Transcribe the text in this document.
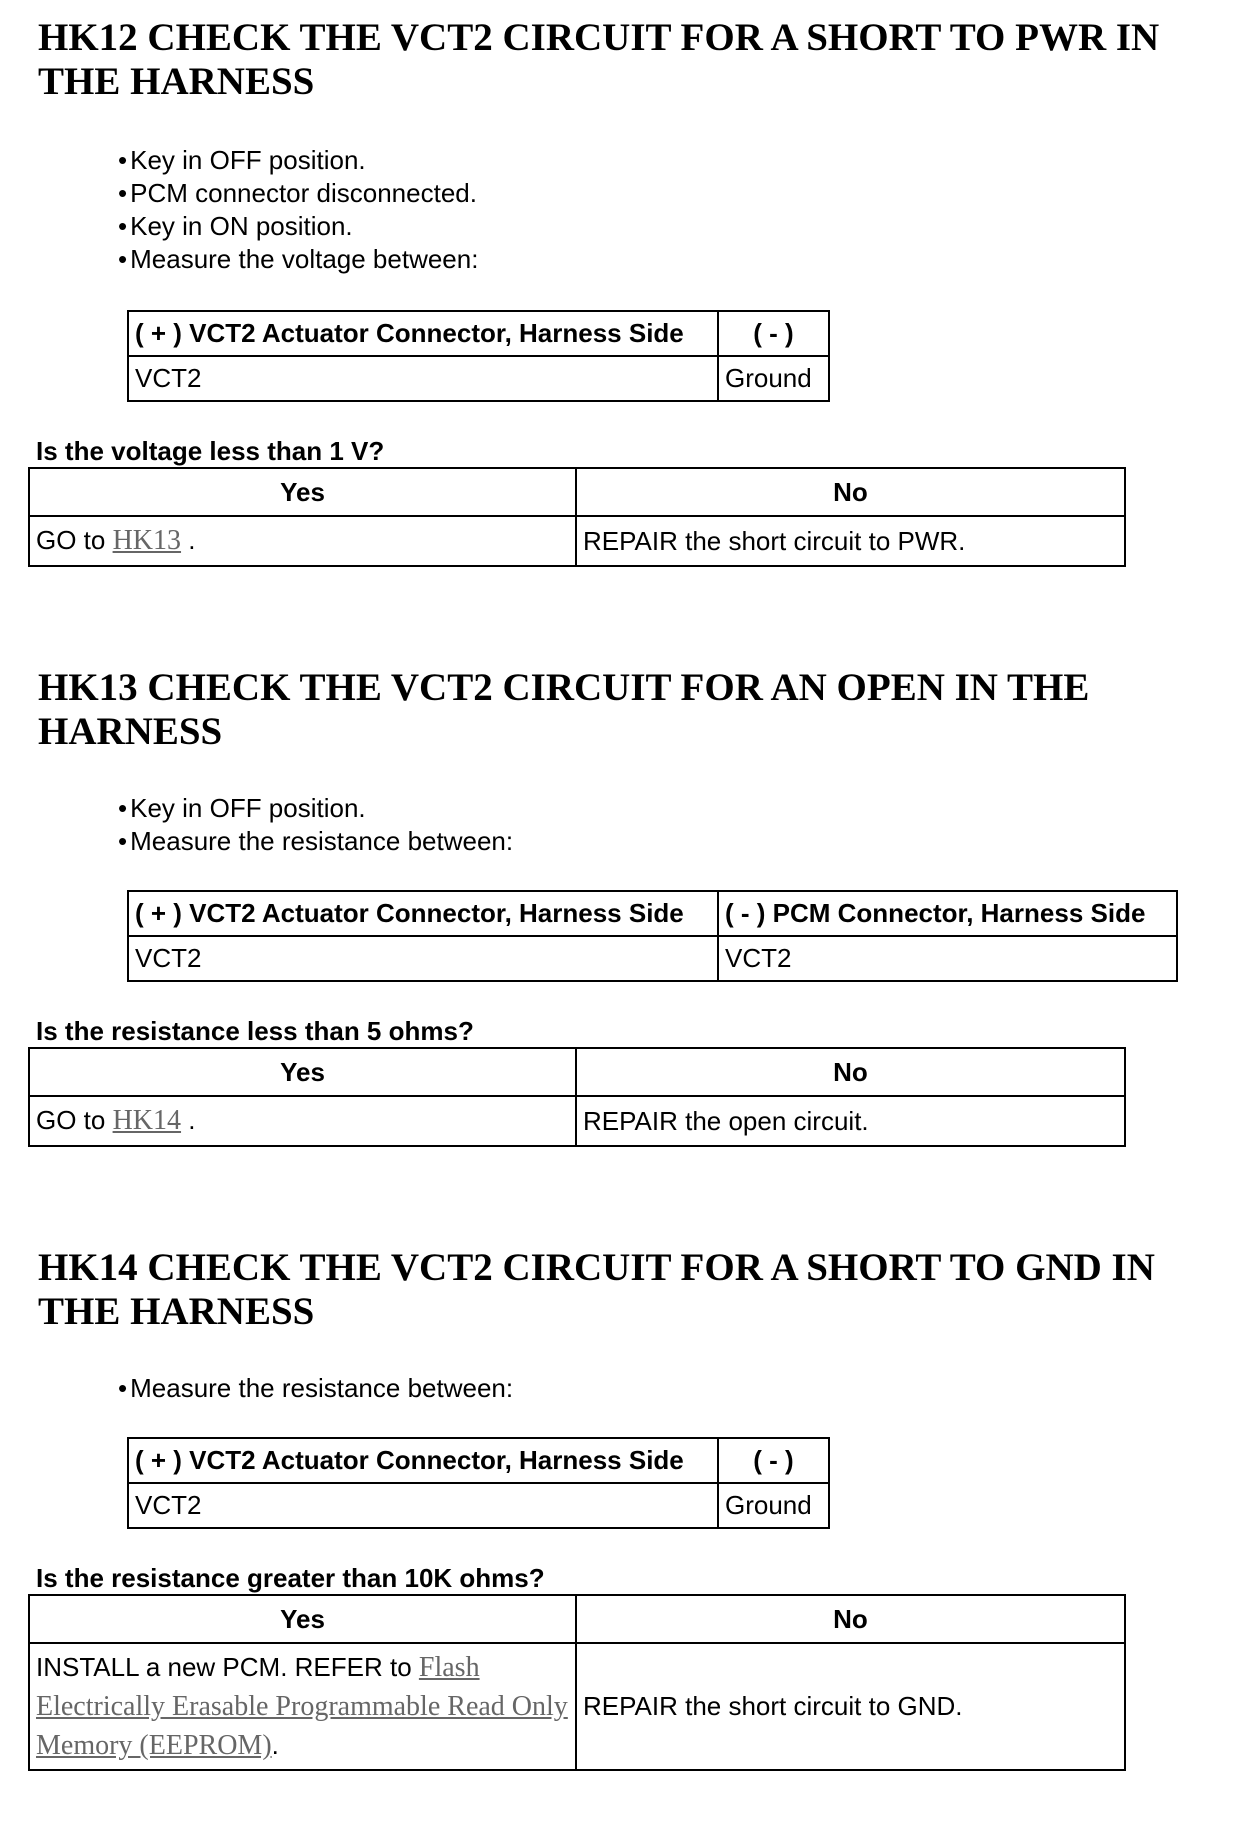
HK12 CHECK THE VCT2 CIRCUIT FOR A SHORT TO PWR IN THE HARNESS
• Key in OFF position.
• PCM connector disconnected.
• Key in ON position.
• Measure the voltage between:
( + ) VCT2 Actuator Connector, Harness Side	( - )
VCT2	Ground
Is the voltage less than 1 V?
Yes	No
GO to HK13 .	REPAIR the short circuit to PWR.
HK13 CHECK THE VCT2 CIRCUIT FOR AN OPEN IN THE HARNESS
• Key in OFF position.
• Measure the resistance between:
( + ) VCT2 Actuator Connector, Harness Side	( - ) PCM Connector, Harness Side
VCT2	VCT2
Is the resistance less than 5 ohms?
Yes	No
GO to HK14 .	REPAIR the open circuit.
HK14 CHECK THE VCT2 CIRCUIT FOR A SHORT TO GND IN THE HARNESS
• Measure the resistance between:
( + ) VCT2 Actuator Connector, Harness Side	( - )
VCT2	Ground
Is the resistance greater than 10K ohms?
Yes	No
INSTALL a new PCM. REFER to Flash Electrically Erasable Programmable Read Only Memory (EEPROM).	REPAIR the short circuit to GND.
